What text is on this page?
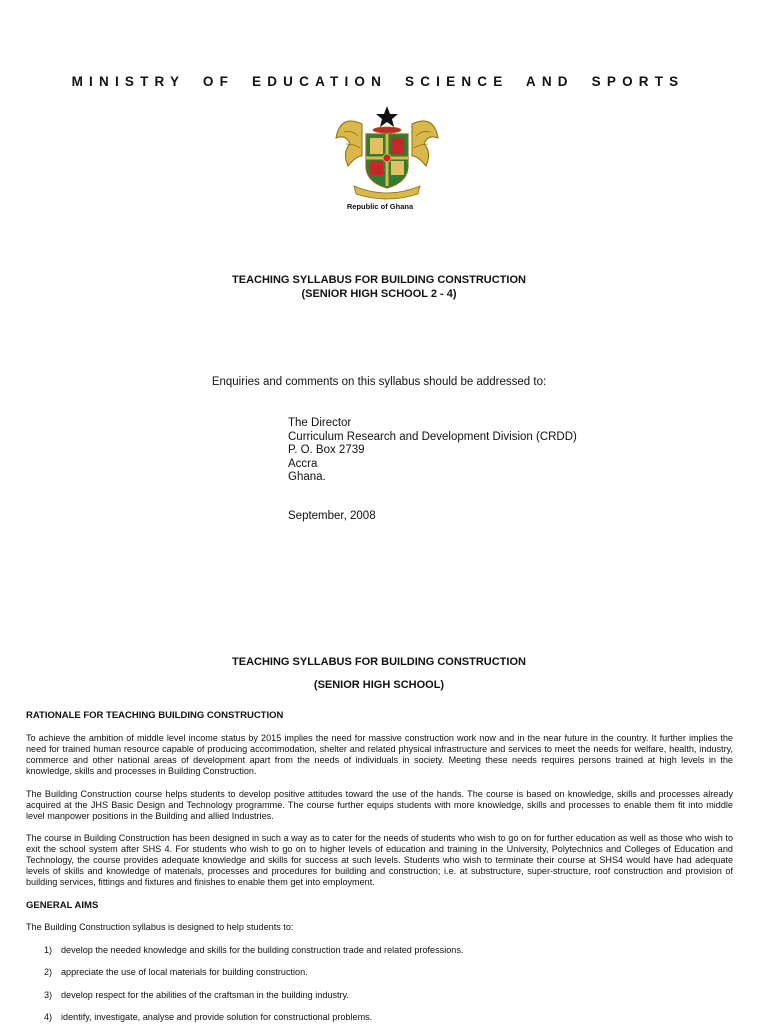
MINISTRY OF EDUCATION SCIENCE AND SPORTS
Republic of Ghana
TEACHING SYLLABUS FOR BUILDING CONSTRUCTION
(SENIOR HIGH SCHOOL 2 - 4)
Enquiries and comments on this syllabus should be addressed to:
The Director
Curriculum Research and Development Division (CRDD)
P. O. Box 2739
Accra
Ghana.
September, 2008
TEACHING SYLLABUS FOR BUILDING CONSTRUCTION
(SENIOR HIGH SCHOOL)
RATIONALE FOR TEACHING BUILDING CONSTRUCTION

To achieve the ambition of middle level income status by 2015 implies the need for massive construction work now and in the near future in the country. It further implies the need for trained human resource capable of producing accommodation, shelter and related physical infrastructure and services to meet the needs for welfare, health, industry, commerce and other national areas of development apart from the needs of individuals in society. Meeting these needs requires persons trained at high levels in the knowledge, skills and processes in Building Construction.

The Building Construction course helps students to develop positive attitudes toward the use of the hands. The course is based on knowledge, skills and processes already acquired at the JHS Basic Design and Technology programme. The course further equips students with more knowledge, skills and processes to enable them fit into middle level manpower positions in the Building and allied Industries.

The course in Building Construction has been designed in such a way as to cater for the needs of students who wish to go on for further education as well as those who wish to exit the school system after SHS 4. For students who wish to go on to higher levels of education and training in the University, Polytechnics and Colleges of Education and Technology, the course provides adequate knowledge and skills for success at such levels. Students who wish to terminate their course at SHS4 would have had adequate levels of skills and knowledge of materials, processes and procedures for building and construction; i.e. at substructure, super-structure, roof construction and provision of building services, fittings and fixtures and finishes to enable them get into employment.

GENERAL AIMS
The Building Construction syllabus is designed to help students to:
1) develop the needed knowledge and skills for the building construction trade and related professions.
2) appreciate the use of local materials for building construction.
3) develop respect for the abilities of the craftsman in the building industry.
4) identify, investigate, analyse and provide solution for constructional problems.
